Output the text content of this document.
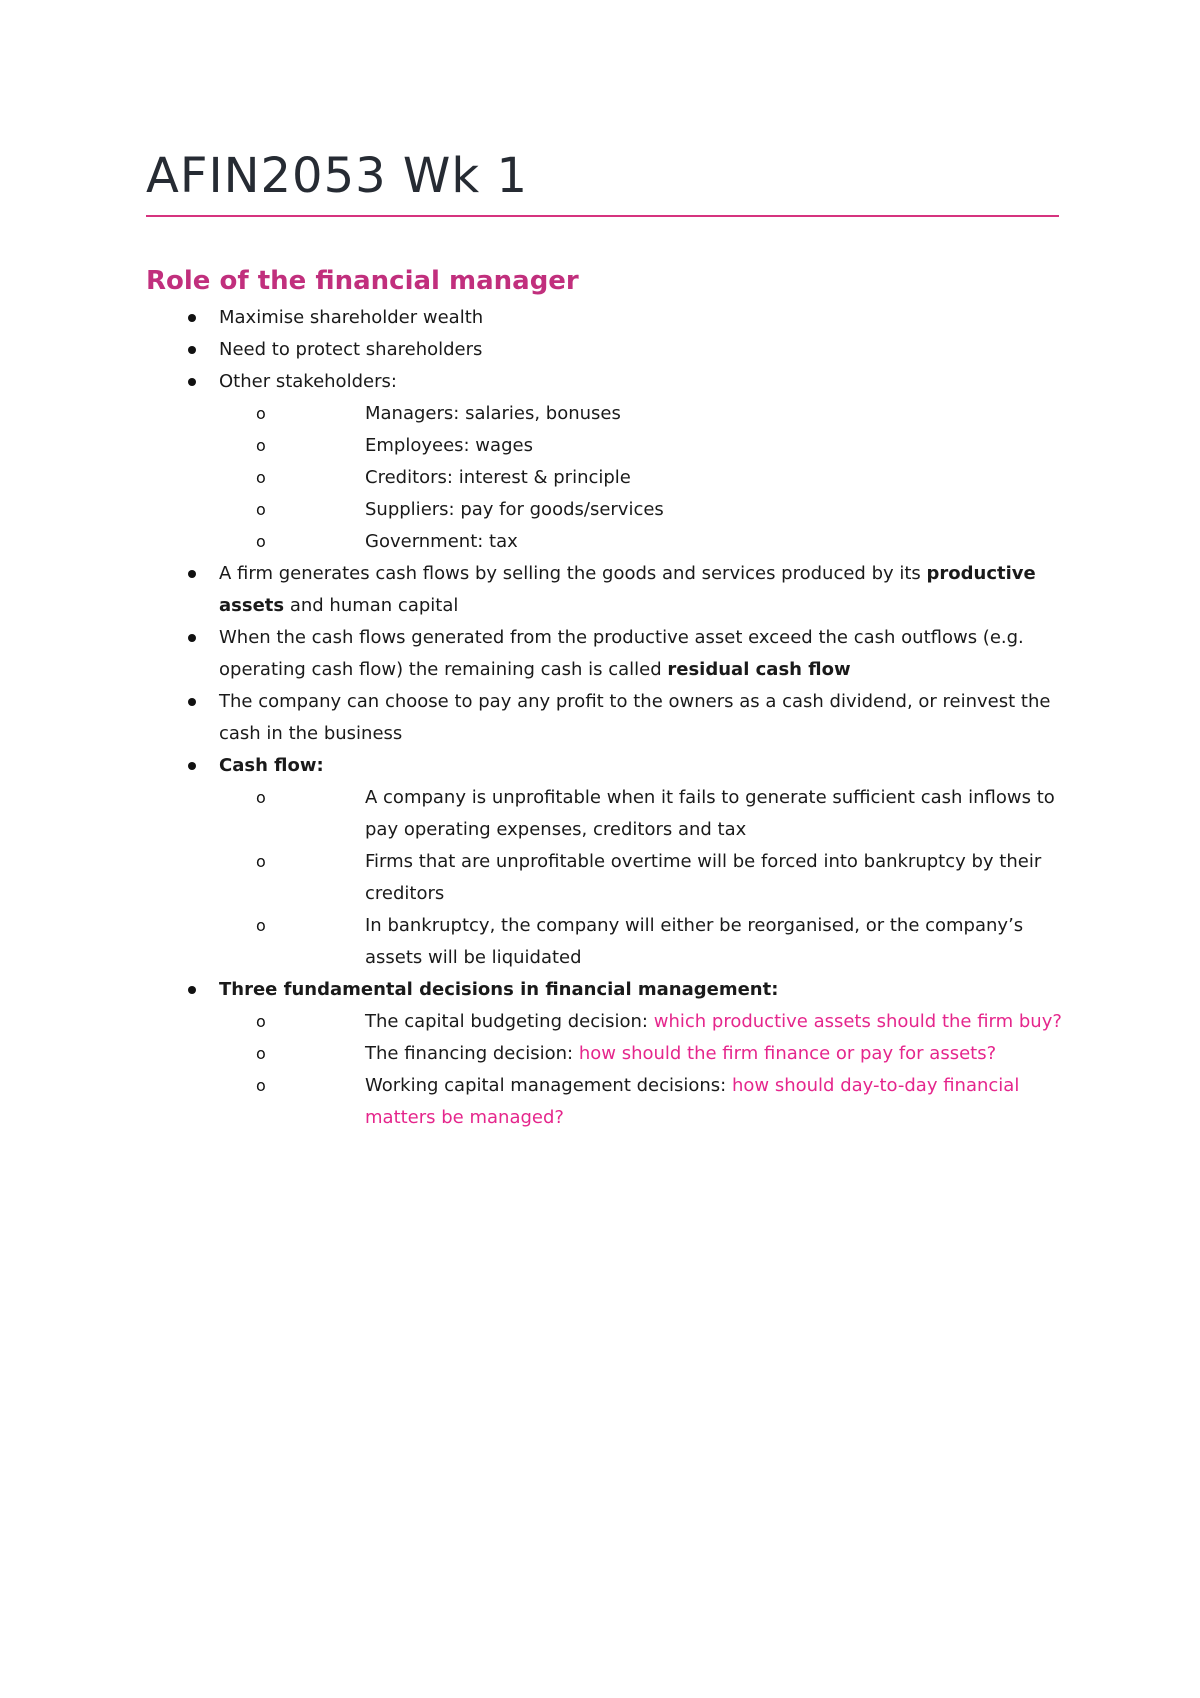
AFIN2053 Wk 1
Role of the financial manager
Maximise shareholder wealth
Need to protect shareholders
Other stakeholders:
o	Managers: salaries, bonuses
o	Employees: wages
o	Creditors: interest & principle
o	Suppliers: pay for goods/services
o	Government: tax
A firm generates cash flows by selling the goods and services produced by its productive assets and human capital
When the cash flows generated from the productive asset exceed the cash outflows (e.g. operating cash flow) the remaining cash is called residual cash flow
The company can choose to pay any profit to the owners as a cash dividend, or reinvest the cash in the business
Cash flow:
o	A company is unprofitable when it fails to generate sufficient cash inflows to pay operating expenses, creditors and tax
o	Firms that are unprofitable overtime will be forced into bankruptcy by their creditors
o	In bankruptcy, the company will either be reorganised, or the company’s assets will be liquidated
Three fundamental decisions in financial management:
o	The capital budgeting decision: which productive assets should the firm buy?
o	The financing decision: how should the firm finance or pay for assets?
o	Working capital management decisions: how should day-to-day financial matters be managed?
